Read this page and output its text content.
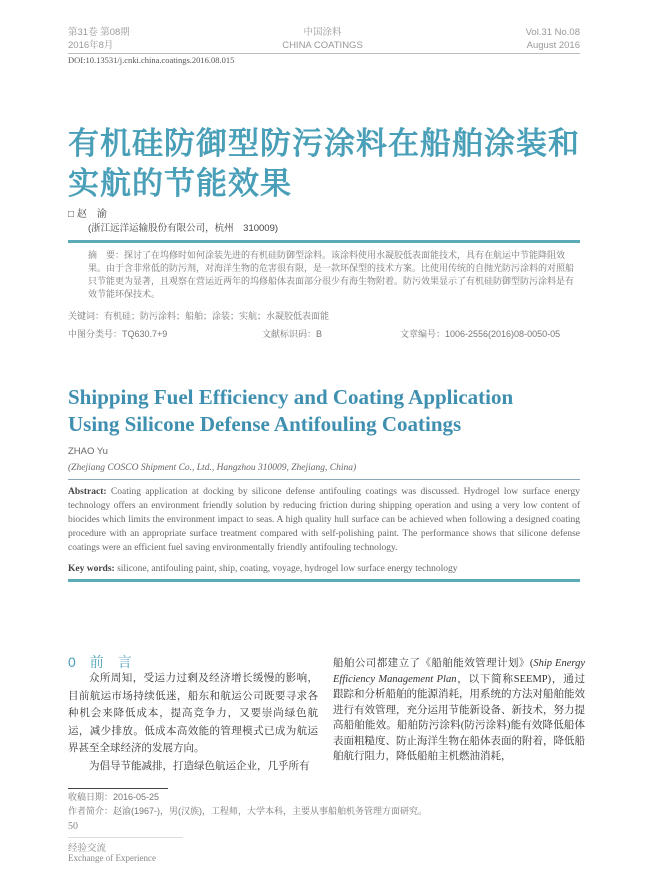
第31卷 第08期
2016年8月
中国涂料
CHINA COATINGS
Vol.31 No.08
August 2016
DOI:10.13531/j.cnki.china.coatings.2016.08.015
有机硅防御型防污涂料在船舶涂装和
实航的节能效果
□ 赵　渝
(浙江远洋运输股份有限公司，杭州　310009)
摘　要：探讨了在坞修时如何涂装先进的有机硅防御型涂料。该涂料使用水凝胶低表面能技术，具有在航运中节能降阻效果。由于含非常低的防污剂，对海洋生物的危害很有限，是一款环保型的技术方案。比使用传统的自抛光防污涂料的对照船只节能更为显著，且观察在营运近两年的坞修船体表面部分很少有海生物附着。防污效果显示了有机硅防御型防污涂料是有效节能环保技术。
关键词：有机硅；防污涂料；船舶；涂装；实航；水凝胶低表面能
中图分类号：TQ630.7+9	文献标识码：B	文章编号：1006-2556(2016)08-0050-05
Shipping Fuel Efficiency and Coating Application
Using Silicone Defense Antifouling Coatings
ZHAO Yu
(Zhejiang COSCO Shipment Co., Ltd., Hangzhou 310009, Zhejiang, China)
Abstract: Coating application at docking by silicone defense antifouling coatings was discussed. Hydrogel low surface energy technology offers an environment friendly solution by reducing friction during shipping operation and using a very low content of biocides which limits the environment impact to seas. A high quality hull surface can be achieved when following a designed coating procedure with an appropriate surface treatment compared with self-polishing paint. The performance shows that silicone defense coatings were an efficient fuel saving environmentally friendly antifouling technology.
Key words: silicone, antifouling paint, ship, coating, voyage, hydrogel low surface energy technology
0　前　言

众所周知，受运力过剩及经济增长缓慢的影响，目前航运市场持续低迷，船东和航运公司既要寻求各种机会来降低成本，提高竞争力，又要崇尚绿色航运，减少排放。低成本高效能的管理模式已成为航运界甚至全球经济的发展方向。

为倡导节能减排，打造绿色航运企业，几乎所有

船舶公司都建立了《船舶能效管理计划》(Ship Energy Efficiency Management Plan，以下简称SEEMP)，通过跟踪和分析船舶的能源消耗，用系统的方法对船舶能效进行有效管理，充分运用节能新设备、新技术，努力提高船舶能效。船舶防污涂料(防污涂料)能有效降低船体表面粗糙度、防止海洋生物在船体表面的附着，降低船舶航行阻力，降低船舶主机燃油消耗，
收稿日期：2016-05-25
作者简介：赵渝(1967-)，男(汉族)，工程师，大学本科，主要从事船舶机务管理方面研究。
50
经验交流
Exchange of Experience
